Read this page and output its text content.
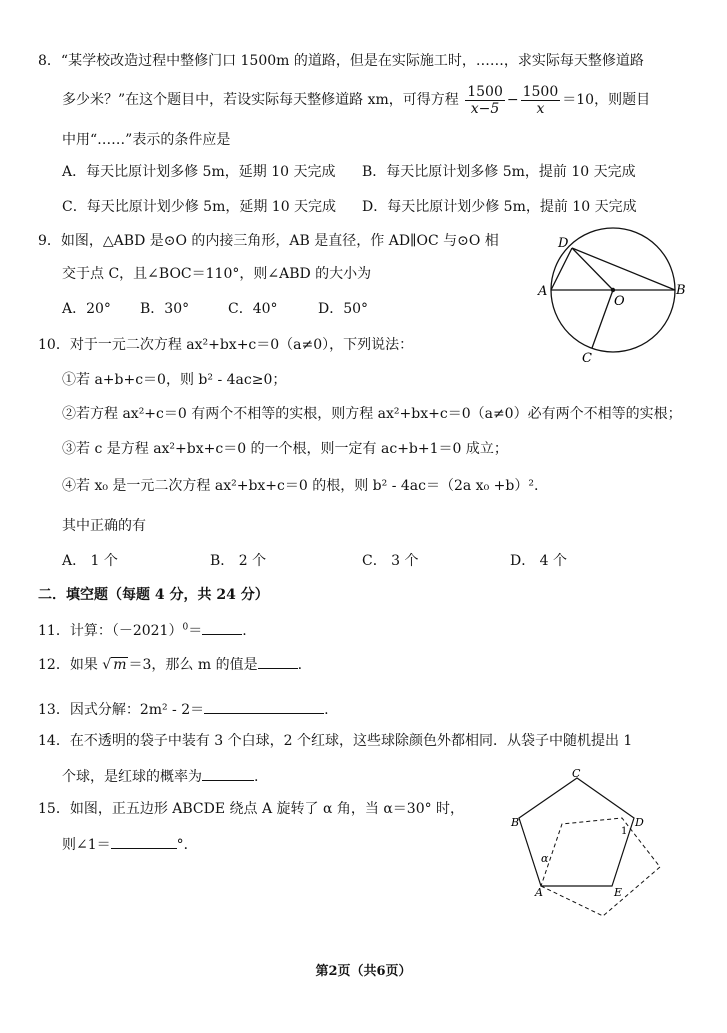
8．“某学校改造过程中整修门口 1500m 的道路，但是在实际施工时，……，求实际每天整修道路
多少米？”在这个题目中，若设实际每天整修道路 xm，可得方程 $\frac{1500}{x-5} - \frac{1500}{x} =10$，则题目
中用“……”表示的条件应是
A．每天比原计划多修 5m，延期 10 天完成 B．每天比原计划多修 5m，提前 10 天完成
C．每天比原计划少修 5m，延期 10 天完成 D．每天比原计划少修 5m，提前 10 天完成
9．如图，△ABD 是⊙O 的内接三角形，AB 是直径，作 AD∥OC 与⊙O 相
交于点 C，且∠BOC＝110°，则∠ABD 的大小为
A．20° B．30°	C．40°	D．50°
D
A
O
B
C
10．对于一元二次方程 ax²+bx+c＝0（a≠0），下列说法：
①若 a+b+c＝0，则 b² - 4ac≥0；
②若方程 ax²+c＝0 有两个不相等的实根，则方程 ax²+bx+c＝0（a≠0）必有两个不相等的实根；
③若 c 是方程 ax²+bx+c＝0 的一个根，则一定有 ac+b+1＝0 成立；
④若 x₀ 是一元二次方程 ax²+bx+c＝0 的根，则 b² - 4ac＝（2a x₀ +b）².
其中正确的有
A． 1 个	B． 2 个	C． 3 个	D． 4 个
二．填空题（每题 4 分，共 24 分）
11．计算：$(-2021)^0=$	.
12．如果 √ m ＝3，那么 m 的值是	.
13．因式分解：2m² - 2＝	.
14．在不透明的袋子中装有 3 个白球，2 个红球，这些球除颜色外都相同．从袋子中随机提出 1
个球，是红球的概率为	.
15．如图，正五边形 ABCDE 绕点 A 旋转了 α 角，当 α＝30° 时，
则∠1＝	°．
C
B	D
1
α
A	E
第2页（共6页）
